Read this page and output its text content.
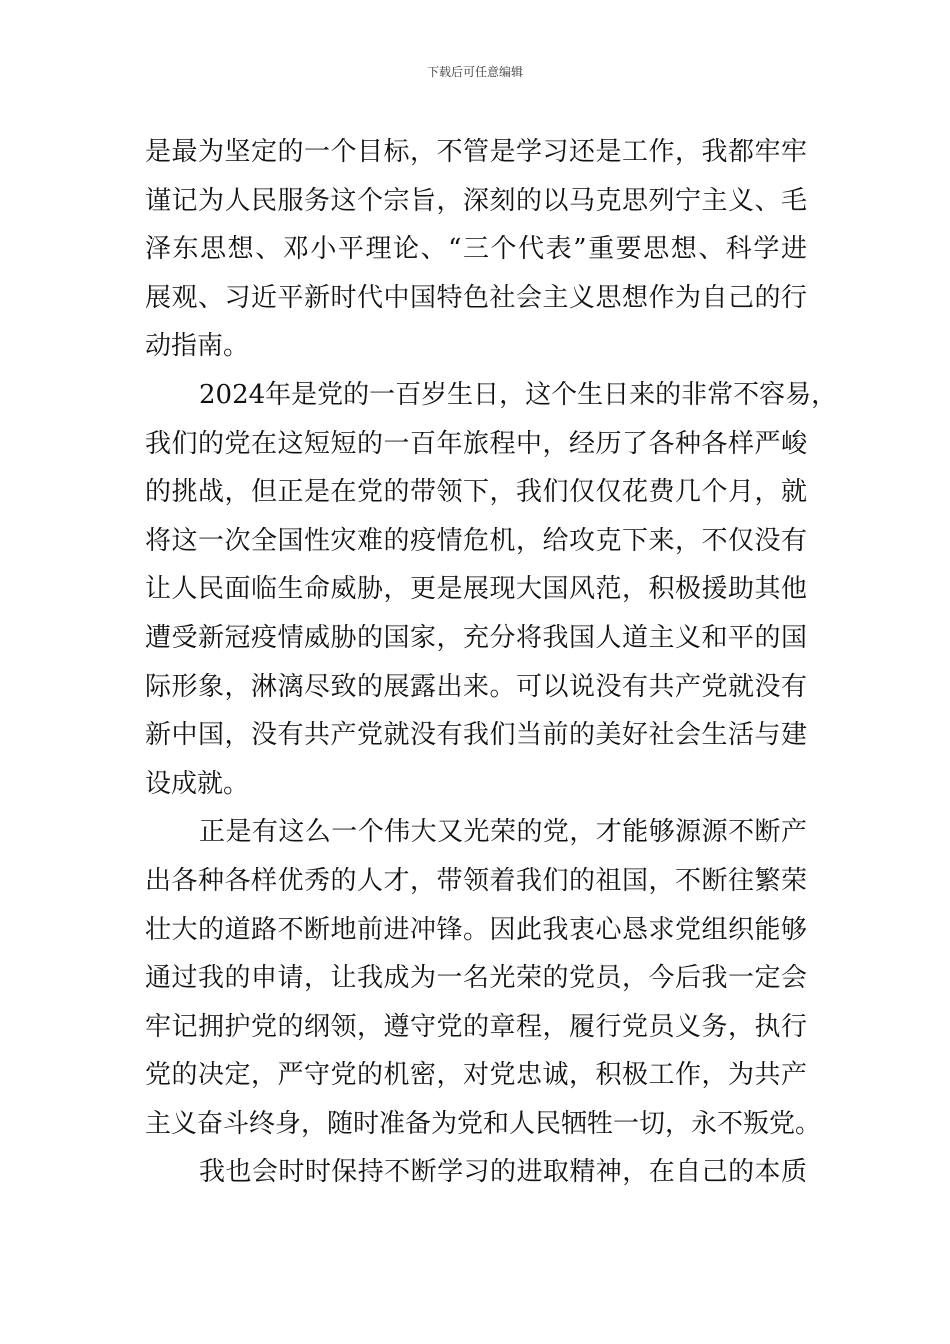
下载后可任意编辑
是最为坚定的一个目标，不管是学习还是工作，我都牢牢
谨记为人民服务这个宗旨，深刻的以马克思列宁主义、毛
泽东思想、邓小平理论、“三个代表”重要思想、科学进
展观、习近平新时代中国特色社会主义思想作为自己的行
动指南。
2024年是党的一百岁生日，这个生日来的非常不容易，
我们的党在这短短的一百年旅程中，经历了各种各样严峻
的挑战，但正是在党的带领下，我们仅仅花费几个月，就
将这一次全国性灾难的疫情危机，给攻克下来，不仅没有
让人民面临生命威胁，更是展现大国风范，积极援助其他
遭受新冠疫情威胁的国家，充分将我国人道主义和平的国
际形象，淋漓尽致的展露出来。可以说没有共产党就没有
新中国，没有共产党就没有我们当前的美好社会生活与建
设成就。
正是有这么一个伟大又光荣的党，才能够源源不断产
出各种各样优秀的人才，带领着我们的祖国，不断往繁荣
壮大的道路不断地前进冲锋。因此我衷心恳求党组织能够
通过我的申请，让我成为一名光荣的党员，今后我一定会
牢记拥护党的纲领，遵守党的章程，履行党员义务，执行
党的决定，严守党的机密，对党忠诚，积极工作，为共产
主义奋斗终身，随时准备为党和人民牺牲一切，永不叛党。
我也会时时保持不断学习的进取精神，在自己的本质
